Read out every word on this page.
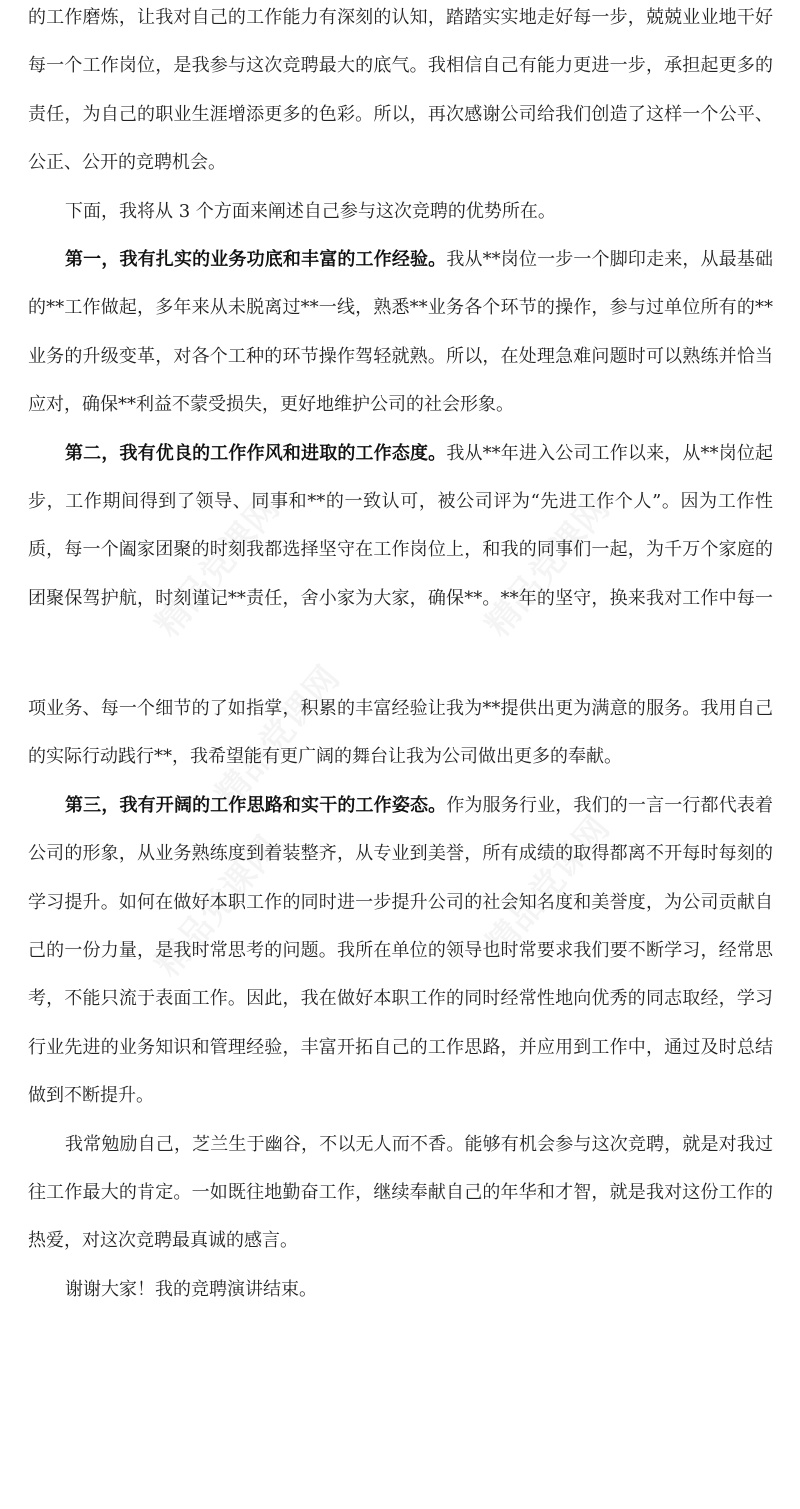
的工作磨炼，让我对自己的工作能力有深刻的认知，踏踏实实地走好每一步，兢兢业业地干好
每一个工作岗位，是我参与这次竞聘最大的底气。我相信自己有能力更进一步，承担起更多的
责任，为自己的职业生涯增添更多的色彩。所以，再次感谢公司给我们创造了这样一个公平、
公正、公开的竞聘机会。
下面，我将从 3 个方面来阐述自己参与这次竞聘的优势所在。
第一，我有扎实的业务功底和丰富的工作经验。我从**岗位一步一个脚印走来，从最基础
的**工作做起，多年来从未脱离过**一线，熟悉**业务各个环节的操作，参与过单位所有的**
业务的升级变革，对各个工种的环节操作驾轻就熟。所以，在处理急难问题时可以熟练并恰当
应对，确保**利益不蒙受损失，更好地维护公司的社会形象。
第二，我有优良的工作作风和进取的工作态度。我从**年进入公司工作以来，从**岗位起
步，工作期间得到了领导、同事和**的一致认可，被公司评为“先进工作个人”。因为工作性
质，每一个阖家团聚的时刻我都选择坚守在工作岗位上，和我的同事们一起，为千万个家庭的
团聚保驾护航，时刻谨记**责任，舍小家为大家，确保**。**年的坚守，换来我对工作中每一
项业务、每一个细节的了如指掌，积累的丰富经验让我为**提供出更为满意的服务。我用自己
的实际行动践行**，我希望能有更广阔的舞台让我为公司做出更多的奉献。
第三，我有开阔的工作思路和实干的工作姿态。作为服务行业，我们的一言一行都代表着
公司的形象，从业务熟练度到着装整齐，从专业到美誉，所有成绩的取得都离不开每时每刻的
学习提升。如何在做好本职工作的同时进一步提升公司的社会知名度和美誉度，为公司贡献自
己的一份力量，是我时常思考的问题。我所在单位的领导也时常要求我们要不断学习，经常思
考，不能只流于表面工作。因此，我在做好本职工作的同时经常性地向优秀的同志取经，学习
行业先进的业务知识和管理经验，丰富开拓自己的工作思路，并应用到工作中，通过及时总结
做到不断提升。
我常勉励自己，芝兰生于幽谷，不以无人而不香。能够有机会参与这次竞聘，就是对我过
往工作最大的肯定。一如既往地勤奋工作，继续奉献自己的年华和才智，就是我对这份工作的
热爱，对这次竞聘最真诚的感言。
谢谢大家！我的竞聘演讲结束。
